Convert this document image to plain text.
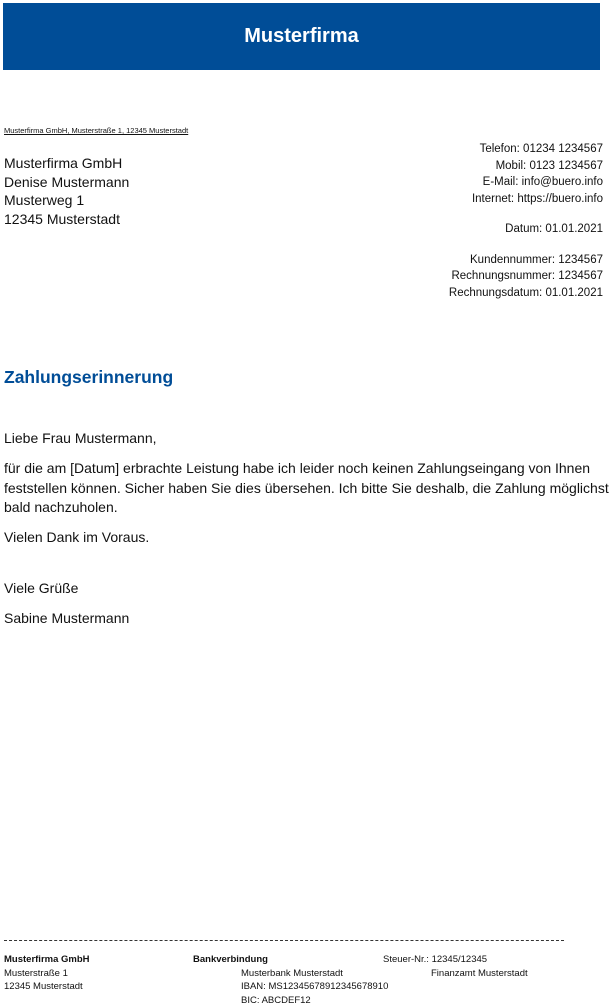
Musterfirma
Musterfirma GmbH, Musterstraße 1, 12345 Musterstadt
Musterfirma GmbH
Denise Mustermann
Musterweg 1
12345 Musterstadt
Telefon: 01234 1234567
Mobil: 0123 1234567
E-Mail: info@buero.info
Internet: https://buero.info
Datum: 01.01.2021
Kundennummer: 1234567
Rechnungsnummer: 1234567
Rechnungsdatum: 01.01.2021
Zahlungserinnerung

Liebe Frau Mustermann,

für die am [Datum] erbrachte Leistung habe ich leider noch keinen Zahlungseingang von Ihnen feststellen können. Sicher haben Sie dies übersehen. Ich bitte Sie deshalb, die Zahlung möglichst bald nachzuholen.

Vielen Dank im Voraus.

Viele Grüße

Sabine Mustermann

Musterfirma GmbH
Musterstraße 1
12345 Musterstadt
Bankverbindung
Musterbank Musterstadt
IBAN: MS12345678912345678910
BIC: ABCDEF12
Steuer-Nr.: 12345/12345
Finanzamt Musterstadt
